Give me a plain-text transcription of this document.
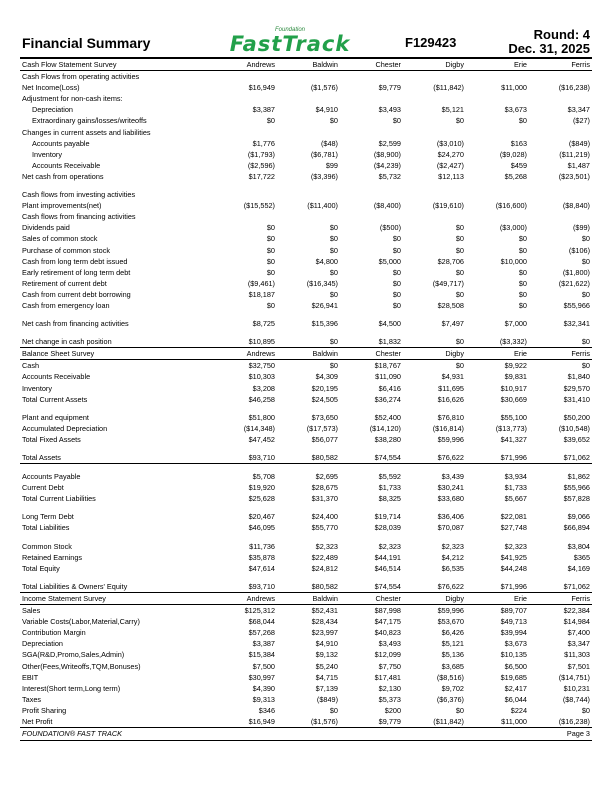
Financial Summary
Foundation
FastTrack	F129423
Round: 4
Dec. 31, 2025
Cash Flow Statement Survey	Andrews	Baldwin	Chester	Digby	Erie	Ferris
Cash Flows from operating activities						
Net Income(Loss)	$16,949	($1,576)	$9,779	($11,842)	$11,000	($16,238)
Adjustment for non-cash items:						
Depreciation	$3,387	$4,910	$3,493	$5,121	$3,673	$3,347
Extraordinary gains/losses/writeoffs	$0	$0	$0	$0	$0	($27)
Changes in current assets and liabilities						
Accounts payable	$1,776	($48)	$2,599	($3,010)	$163	($849)
Inventory	($1,793)	($6,781)	($8,900)	$24,270	($9,028)	($11,219)
Accounts Receivable	($2,596)	$99	($4,239)	($2,427)	$459	$1,487
Net cash from operations	$17,722	($3,396)	$5,732	$12,113	$5,268	($23,501)

Cash flows from investing activities						
Plant improvements(net)	($15,552)	($11,400)	($8,400)	($19,610)	($16,600)	($8,840)
Cash flows from financing activities						
Dividends paid	$0	$0	($500)	$0	($3,000)	($99)
Sales of common stock	$0	$0	$0	$0	$0	$0
Purchase of common stock	$0	$0	$0	$0	$0	($106)
Cash from long term debt issued	$0	$4,800	$5,000	$28,706	$10,000	$0
Early retirement of long term debt	$0	$0	$0	$0	$0	($1,800)
Retirement of current debt	($9,461)	($16,345)	$0	($49,717)	$0	($21,622)
Cash from current debt borrowing	$18,187	$0	$0	$0	$0	$0
Cash from emergency loan	$0	$26,941	$0	$28,508	$0	$55,966

Net cash from financing activities	$8,725	$15,396	$4,500	$7,497	$7,000	$32,341

Net change in cash position	$10,895	$0	$1,832	$0	($3,332)	$0
Balance Sheet Survey	Andrews	Baldwin	Chester	Digby	Erie	Ferris
Cash	$32,750	$0	$18,767	$0	$9,922	$0
Accounts Receivable	$10,303	$4,309	$11,090	$4,931	$9,831	$1,840
Inventory	$3,208	$20,195	$6,416	$11,695	$10,917	$29,570
Total Current Assets	$46,258	$24,505	$36,274	$16,626	$30,669	$31,410

Plant and equipment	$51,800	$73,650	$52,400	$76,810	$55,100	$50,200
Accumulated Depreciation	($14,348)	($17,573)	($14,120)	($16,814)	($13,773)	($10,548)
Total Fixed Assets	$47,452	$56,077	$38,280	$59,996	$41,327	$39,652

Total Assets	$93,710	$80,582	$74,554	$76,622	$71,996	$71,062

Accounts Payable	$5,708	$2,695	$5,592	$3,439	$3,934	$1,862
Current Debt	$19,920	$28,675	$1,733	$30,241	$1,733	$55,966
Total Current Liabilities	$25,628	$31,370	$8,325	$33,680	$5,667	$57,828

Long Term Debt	$20,467	$24,400	$19,714	$36,406	$22,081	$9,066
Total Liabilities	$46,095	$55,770	$28,039	$70,087	$27,748	$66,894

Common Stock	$11,736	$2,323	$2,323	$2,323	$2,323	$3,804
Retained Earnings	$35,878	$22,489	$44,191	$4,212	$41,925	$365
Total Equity	$47,614	$24,812	$46,514	$6,535	$44,248	$4,169

Total Liabilities & Owners' Equity	$93,710	$80,582	$74,554	$76,622	$71,996	$71,062
Income Statement Survey	Andrews	Baldwin	Chester	Digby	Erie	Ferris
Sales	$125,312	$52,431	$87,998	$59,996	$89,707	$22,384
Variable Costs(Labor,Material,Carry)	$68,044	$28,434	$47,175	$53,670	$49,713	$14,984
Contribution Margin	$57,268	$23,997	$40,823	$6,426	$39,994	$7,400
Depreciation	$3,387	$4,910	$3,493	$5,121	$3,673	$3,347
SGA(R&D,Promo,Sales,Admin)	$15,384	$9,132	$12,099	$5,136	$10,135	$11,303
Other(Fees,Writeoffs,TQM,Bonuses)	$7,500	$5,240	$7,750	$3,685	$6,500	$7,501
EBIT	$30,997	$4,715	$17,481	($8,516)	$19,685	($14,751)
Interest(Short term,Long term)	$4,390	$7,139	$2,130	$9,702	$2,417	$10,231
Taxes	$9,313	($849)	$5,373	($6,376)	$6,044	($8,744)
Profit Sharing	$346	$0	$200	$0	$224	$0
Net Profit	$16,949	($1,576)	$9,779	($11,842)	$11,000	($16,238)
FOUNDATION® FAST TRACK	Page 3
